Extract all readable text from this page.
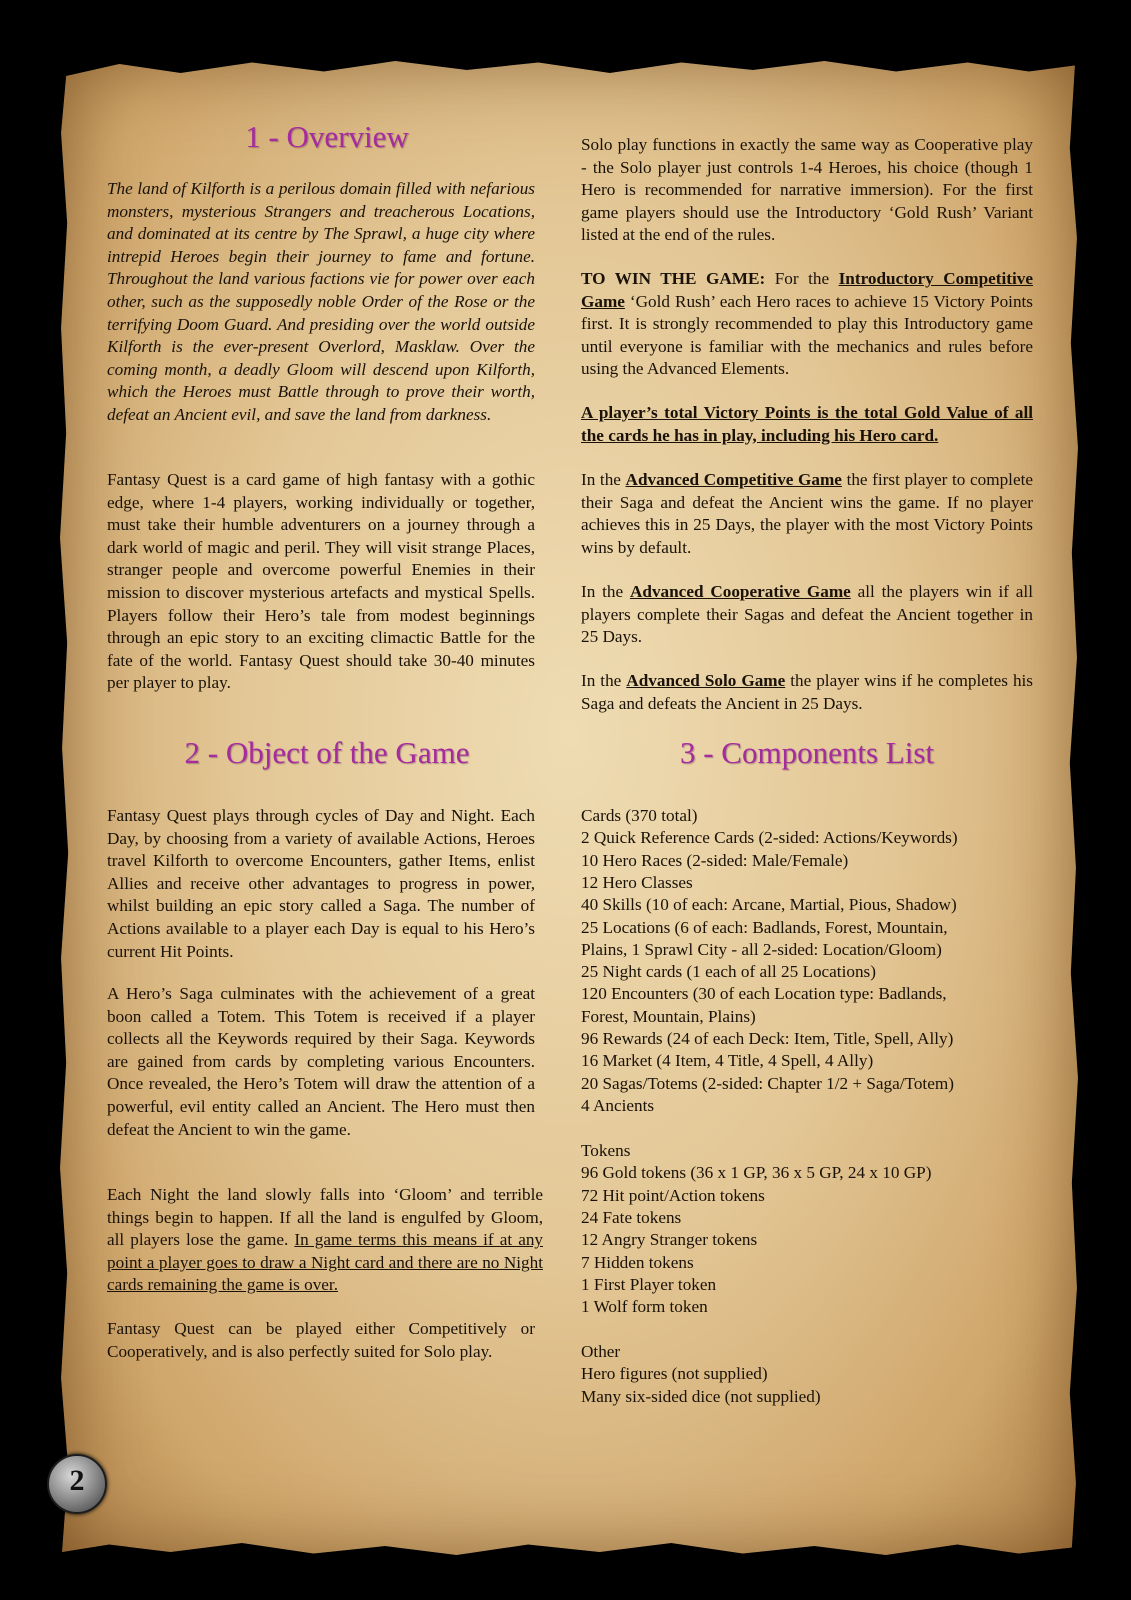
1 - Overview

The land of Kilforth is a perilous domain filled with nefarious monsters, mysterious Strangers and treacherous Locations, and dominated at its centre by The Sprawl, a huge city where intrepid Heroes begin their journey to fame and fortune. Throughout the land various factions vie for power over each other, such as the supposedly noble Order of the Rose or the terrifying Doom Guard. And presiding over the world outside Kilforth is the ever-present Overlord, Masklaw. Over the coming month, a deadly Gloom will descend upon Kilforth, which the Heroes must Battle through to prove their worth, defeat an Ancient evil, and save the land from darkness.

Fantasy Quest is a card game of high fantasy with a gothic edge, where 1-4 players, working individually or together, must take their humble adventurers on a journey through a dark world of magic and peril. They will visit strange Places, stranger people and overcome powerful Enemies in their mission to discover mysterious artefacts and mystical Spells. Players follow their Hero’s tale from modest beginnings through an epic story to an exciting climactic Battle for the fate of the world. Fantasy Quest should take 30-40 minutes per player to play.

2 - Object of the Game

Fantasy Quest plays through cycles of Day and Night. Each Day, by choosing from a variety of available Actions, Heroes travel Kilforth to overcome Encounters, gather Items, enlist Allies and receive other advantages to progress in power, whilst building an epic story called a Saga. The number of Actions available to a player each Day is equal to his Hero’s current Hit Points.

A Hero’s Saga culminates with the achievement of a great boon called a Totem. This Totem is received if a player collects all the Keywords required by their Saga. Keywords are gained from cards by completing various Encounters. Once revealed, the Hero’s Totem will draw the attention of a powerful, evil entity called an Ancient. The Hero must then defeat the Ancient to win the game.

Each Night the land slowly falls into ‘Gloom’ and terrible things begin to happen. If all the land is engulfed by Gloom, all players lose the game. In game terms this means if at any point a player goes to draw a Night card and there are no Night cards remaining the game is over.

Fantasy Quest can be played either Competitively or Cooperatively, and is also perfectly suited for Solo play.

Solo play functions in exactly the same way as Cooperative play - the Solo player just controls 1-4 Heroes, his choice (though 1 Hero is recommended for narrative immersion). For the first game players should use the Introductory ‘Gold Rush’ Variant listed at the end of the rules.

TO WIN THE GAME: For the Introductory Competitive Game ‘Gold Rush’ each Hero races to achieve 15 Victory Points first. It is strongly recommended to play this Introductory game until everyone is familiar with the mechanics and rules before using the Advanced Elements.

A player’s total Victory Points is the total Gold Value of all the cards he has in play, including his Hero card.

In the Advanced Competitive Game the first player to complete their Saga and defeat the Ancient wins the game. If no player achieves this in 25 Days, the player with the most Victory Points wins by default.

In the Advanced Cooperative Game all the players win if all players complete their Sagas and defeat the Ancient together in 25 Days.

In the Advanced Solo Game the player wins if he completes his Saga and defeats the Ancient in 25 Days.

3 - Components List
Cards (370 total)
2 Quick Reference Cards (2-sided: Actions/Keywords)
10 Hero Races (2-sided: Male/Female)
12 Hero Classes
40 Skills (10 of each: Arcane, Martial, Pious, Shadow)
25 Locations (6 of each: Badlands, Forest, Mountain,
Plains, 1 Sprawl City - all 2-sided: Location/Gloom)
25 Night cards (1 each of all 25 Locations)
120 Encounters (30 of each Location type: Badlands,
Forest, Mountain, Plains)
96 Rewards (24 of each Deck: Item, Title, Spell, Ally)
16 Market (4 Item, 4 Title, 4 Spell, 4 Ally)
20 Sagas/Totems (2-sided: Chapter 1/2 + Saga/Totem)
4 Ancients
Tokens
96 Gold tokens (36 x 1 GP, 36 x 5 GP, 24 x 10 GP)
72 Hit point/Action tokens
24 Fate tokens
12 Angry Stranger tokens
7 Hidden tokens
1 First Player token
1 Wolf form token
Other
Hero figures (not supplied)
Many six-sided dice (not supplied)
2
